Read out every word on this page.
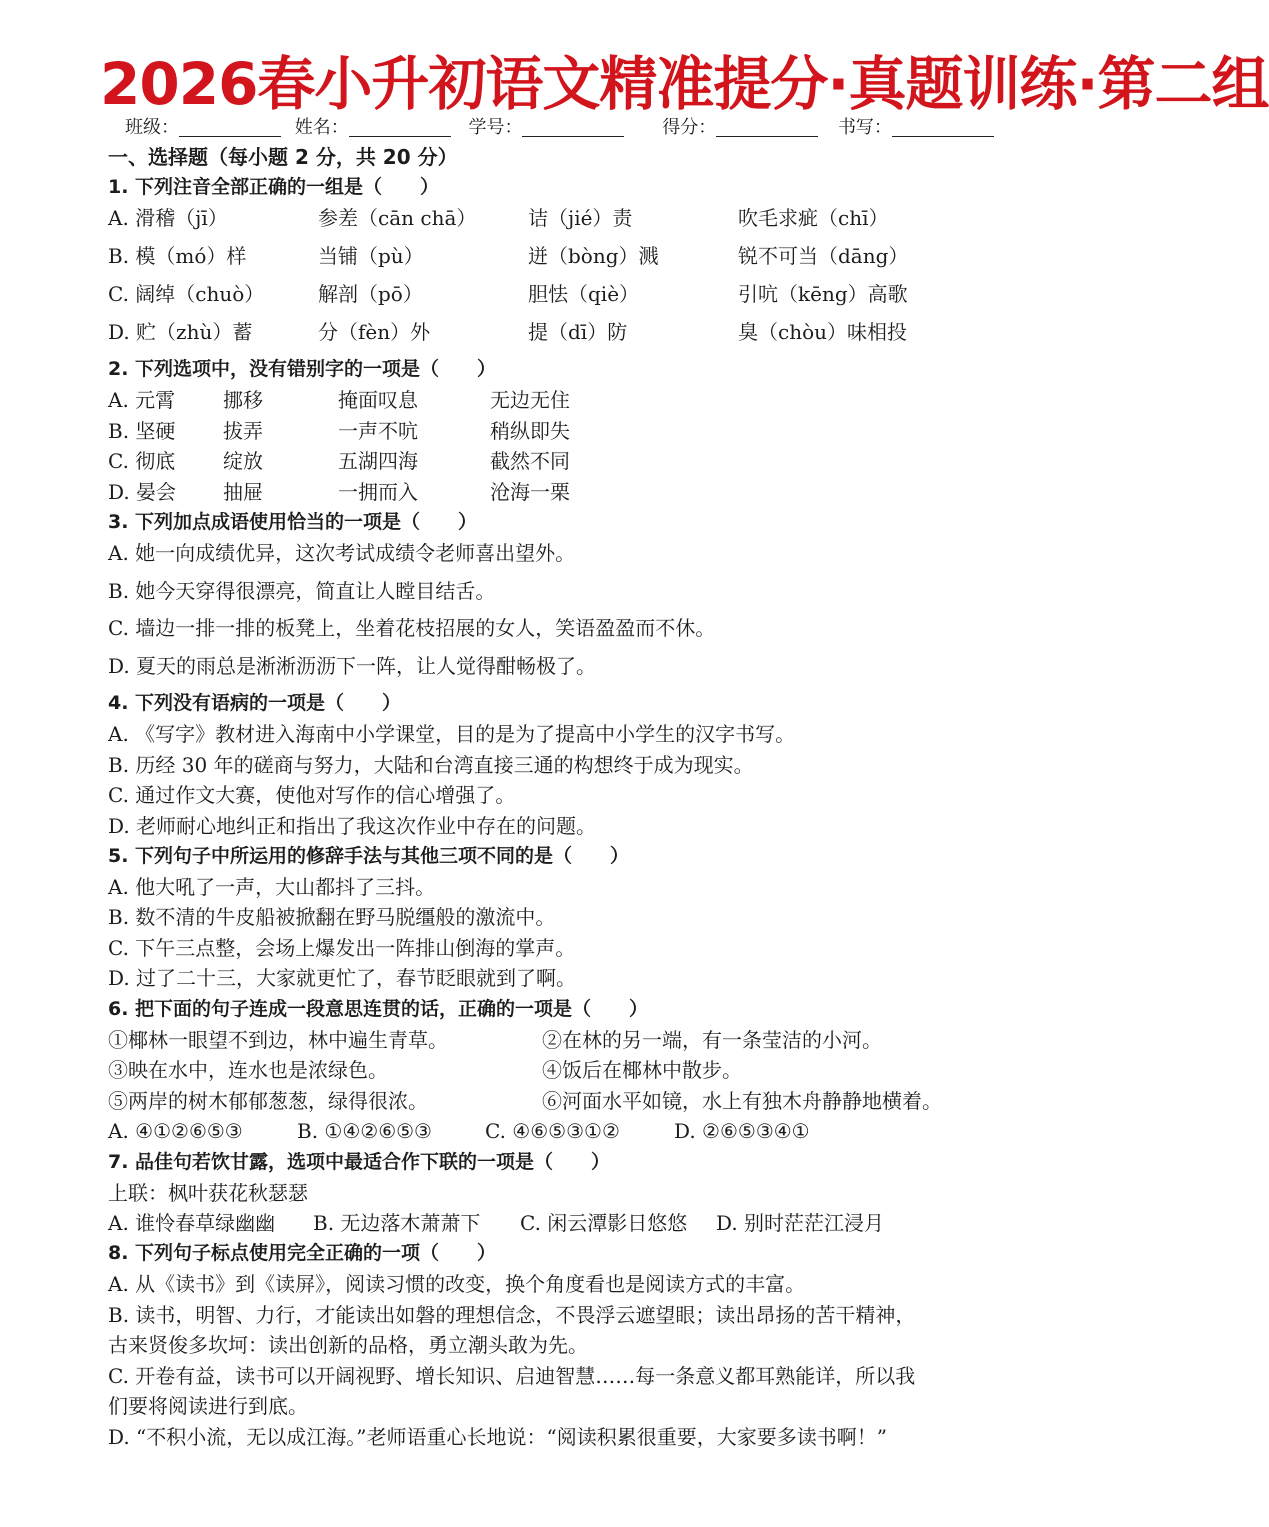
2026春小升初语文精准提分·真题训练·第二组
班级：	姓名：	学号：	得分：	书写：
一、选择题（每小题 2 分，共 20 分）
1. 下列注音全部正确的一组是（　　）
A. 滑稽（jī）	参差（cān chā）	诘（jié）责	吹毛求疵（chī）
B. 模（mó）样	当铺（pù）	迸（bòng）溅	锐不可当（dāng）
C. 阔绰（chuò）	解剖（pō）	胆怯（qiè）	引吭（kēng）高歌
D. 贮（zhù）蓄	分（fèn）外	提（dī）防	臭（chòu）味相投
2. 下列选项中，没有错别字的一项是（　　）
A. 元霄 挪移	掩面叹息	无边无住
B. 坚硬 拔弄	一声不吭	稍纵即失
C. 彻底 绽放	五湖四海	截然不同
D. 晏会 抽屉	一拥而入	沧海一栗
3. 下列加点成语使用恰当的一项是（　　）
A. 她一向成绩优异，这次考试成绩令老师喜出望外。
B. 她今天穿得很漂亮，简直让人瞠目结舌。
C. 墙边一排一排的板凳上，坐着花枝招展的女人，笑语盈盈而不休。
D. 夏天的雨总是淅淅沥沥下一阵，让人觉得酣畅极了。
4. 下列没有语病的一项是（　　）
A. 《写字》教材进入海南中小学课堂，目的是为了提高中小学生的汉字书写。
B. 历经 30 年的磋商与努力，大陆和台湾直接三通的构想终于成为现实。
C. 通过作文大赛，使他对写作的信心增强了。
D. 老师耐心地纠正和指出了我这次作业中存在的问题。
5. 下列句子中所运用的修辞手法与其他三项不同的是（　　）
A. 他大吼了一声，大山都抖了三抖。
B. 数不清的牛皮船被掀翻在野马脱缰般的激流中。
C. 下午三点整，会场上爆发出一阵排山倒海的掌声。
D. 过了二十三，大家就更忙了，春节眨眼就到了啊。
6. 把下面的句子连成一段意思连贯的话，正确的一项是（　　）
①椰林一眼望不到边，林中遍生青草。	②在林的另一端，有一条莹洁的小河。
③映在水中，连水也是浓绿色。	④饭后在椰林中散步。
⑤两岸的树木郁郁葱葱，绿得很浓。	⑥河面水平如镜，水上有独木舟静静地横着。
A. ④①②⑥⑤③	B. ①④②⑥⑤③	C. ④⑥⑤③①②	D. ②⑥⑤③④①
7. 品佳句若饮甘露，选项中最适合作下联的一项是（　　）
上联：枫叶获花秋瑟瑟
A. 谁怜春草绿幽幽 B. 无边落木萧萧下 C. 闲云潭影日悠悠 D. 别时茫茫江浸月
8. 下列句子标点使用完全正确的一项（　　）
A. 从《读书》到《读屏》，阅读习惯的改变，换个角度看也是阅读方式的丰富。
B. 读书，明智、力行，才能读出如磐的理想信念，不畏浮云遮望眼；读出昂扬的苦干精神，
古来贤俊多坎坷：读出创新的品格，勇立潮头敢为先。
C. 开卷有益，读书可以开阔视野、增长知识、启迪智慧……每一条意义都耳熟能详，所以我
们要将阅读进行到底。
D. “不积小流，无以成江海。”老师语重心长地说：“阅读积累很重要，大家要多读书啊！”
